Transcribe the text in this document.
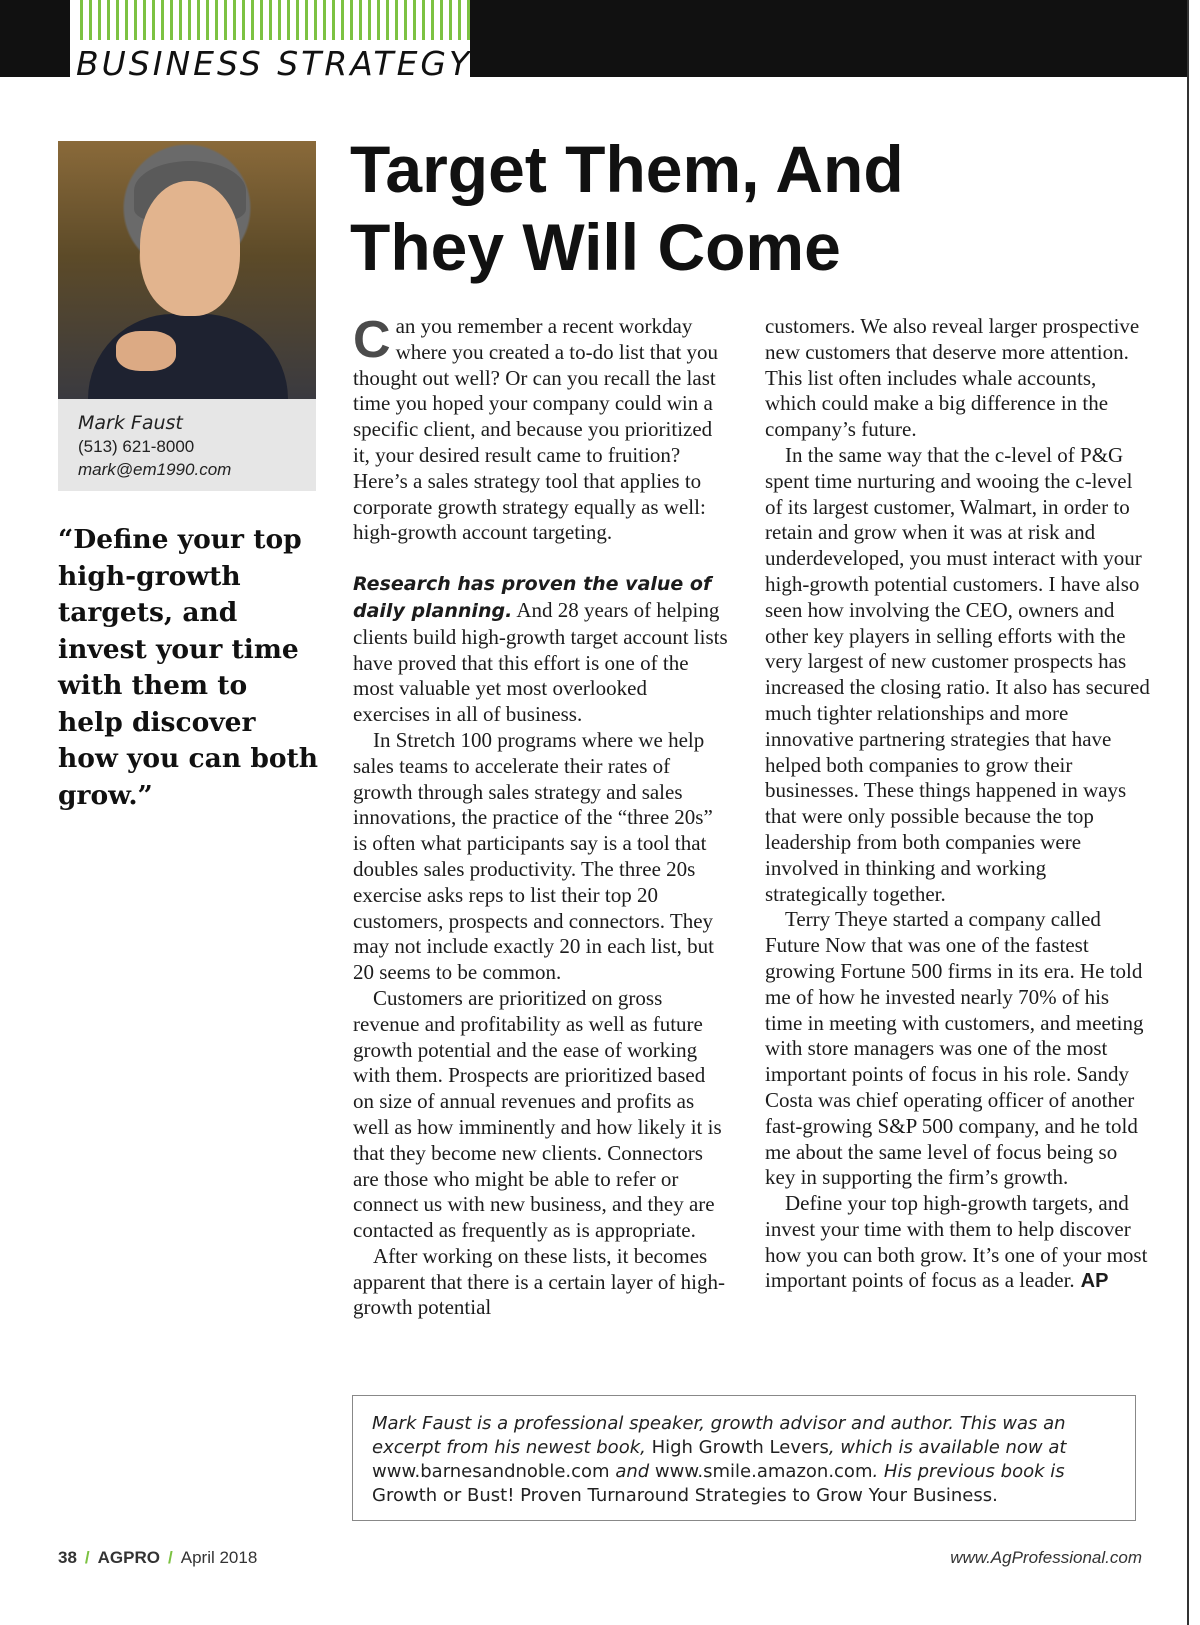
BUSINESS STRATEGY
Mark Faust
(513) 621-8000
mark@em1990.com
“Define your top high-growth targets, and invest your time with them to help discover how you can both grow.”
Target Them, And
They Will Come

Can you remember a recent workday where you created a to-do list that you thought out well? Or can you recall the last time you hoped your company could win a specific client, and because you prioritized it, your desired result came to fruition? Here’s a sales strategy tool that applies to corporate growth strategy equally as well: high-growth account targeting.

Research has proven the value of daily planning. And 28 years of helping clients build high-growth target account lists have proved that this effort is one of the most valuable yet most overlooked exercises in all of business.

In Stretch 100 programs where we help sales teams to accelerate their rates of growth through sales strategy and sales innovations, the practice of the “three 20s” is often what participants say is a tool that doubles sales productivity. The three 20s exercise asks reps to list their top 20 customers, prospects and connectors. They may not include exactly 20 in each list, but 20 seems to be common.

Customers are prioritized on gross revenue and profitability as well as future growth potential and the ease of working with them. Prospects are prioritized based on size of annual revenues and profits as well as how imminently and how likely it is that they become new clients. Connectors are those who might be able to refer or connect us with new business, and they are contacted as frequently as is appropriate.

After working on these lists, it becomes apparent that there is a certain layer of high-growth potential

customers. We also reveal larger prospective new customers that deserve more attention. This list often includes whale accounts, which could make a big difference in the company’s future.

In the same way that the c-level of P&G spent time nurturing and wooing the c-level of its largest customer, Walmart, in order to retain and grow when it was at risk and underdeveloped, you must interact with your high-growth potential customers. I have also seen how involving the CEO, owners and other key players in selling efforts with the very largest of new customer prospects has increased the closing ratio. It also has secured much tighter relationships and more innovative partnering strategies that have helped both companies to grow their businesses. These things happened in ways that were only possible because the top leadership from both companies were involved in thinking and working strategically together.

Terry Theye started a company called Future Now that was one of the fastest growing Fortune 500 firms in its era. He told me of how he invested nearly 70% of his time in meeting with customers, and meeting with store managers was one of the most important points of focus in his role. Sandy Costa was chief operating officer of another fast-growing S&P 500 company, and he told me about the same level of focus being so key in supporting the firm’s growth.

Define your top high-growth targets, and invest your time with them to help discover how you can both grow. It’s one of your most important points of focus as a leader. AP

Mark Faust is a professional speaker, growth advisor and author. This was an excerpt from his newest book, High Growth Levers, which is available now at www.barnesandnoble.com and www.smile.amazon.com. His previous book is Growth or Bust! Proven Turnaround Strategies to Grow Your Business.
38 / AGPRO / April 2018	www.AgProfessional.com
